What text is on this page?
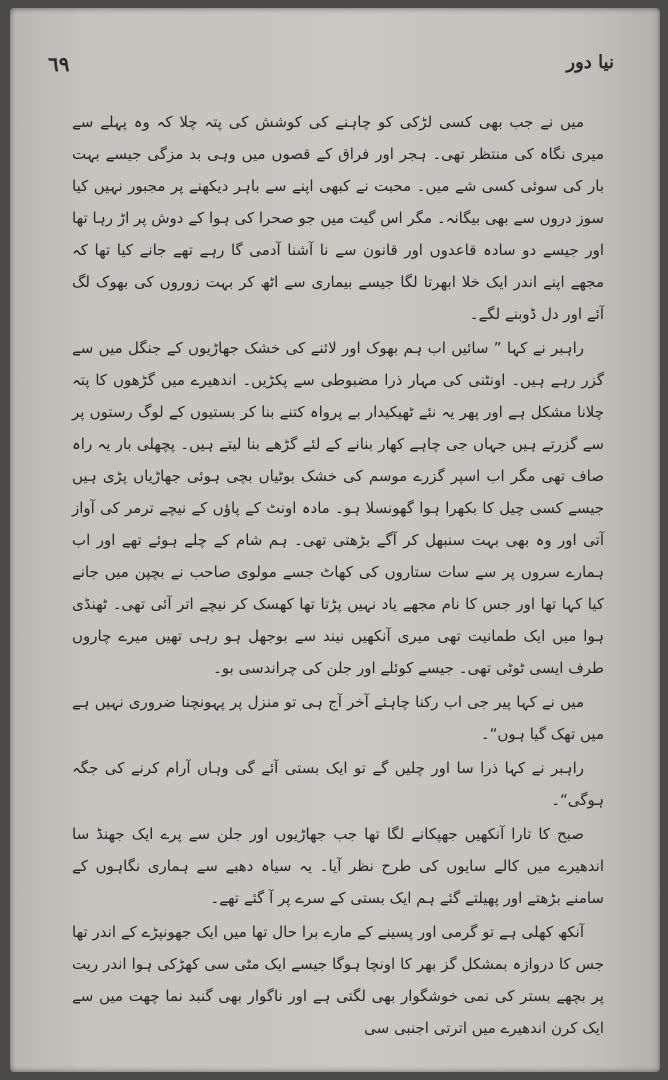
٦٩	نیا دور

میں نے جب بھی کسی لڑکی کو چاہنے کی کوشش کی پتہ چلا کہ وہ پہلے سے میری نگاہ کی منتظر تھی۔ ہجر اور فراق کے قصوں میں وہی بد مزگی جیسے بہت بار کی سوئی کسی شے میں۔ محبت نے کبھی اپنے سے باہر دیکھنے پر مجبور نہیں کیا سوز دروں سے بھی بیگانہ۔ مگر اس گیت میں جو صحرا کی ہوا کے دوش پر اڑ رہا تھا اور جیسے دو سادہ قاعدوں اور قانون سے نا آشنا آدمی گا رہے تھے جانے کیا تھا کہ مجھے اپنے اندر ایک خلا ابھرتا لگا جیسے بیماری سے اٹھ کر بہت زوروں کی بھوک لگ آئے اور دل ڈوبنے لگے۔

راہبر نے کہا ” سائیں اب ہم بھوک اور لائنے کی خشک جھاڑیوں کے جنگل میں سے گزر رہے ہیں۔ اونٹنی کی مہار ذرا مضبوطی سے پکڑیں۔ اندھیرے میں گڑھوں کا پتہ چلانا مشکل ہے اور پھر یہ نئے ٹھیکیدار بے پرواہ کتنے بنا کر بستیوں کے لوگ رستوں پر سے گزرتے ہیں جہاں جی چاہے کھار بنانے کے لئے گڑھے بنا لیتے ہیں۔ پچھلی بار یہ راہ صاف تھی مگر اب اسپر گزرے موسم کی خشک بوٹیاں بچی ہوئی جھاڑیاں پڑی ہیں جیسے کسی چیل کا بکھرا ہوا گھونسلا ہو۔ مادہ اونٹ کے پاؤں کے نیچے ترمر کی آواز آتی اور وہ بھی بہت سنبھل کر آگے بڑھتی تھی۔ ہم شام کے چلے ہوئے تھے اور اب ہمارے سروں پر سے سات ستاروں کی کھاٹ جسے مولوی صاحب نے بچپن میں جانے کیا کہا تھا اور جس کا نام مجھے یاد نہیں پڑتا تھا کھسک کر نیچے اتر آئی تھی۔ ٹھنڈی ہوا میں ایک طمانیت تھی میری آنکھیں نیند سے بوجھل ہو رہی تھیں میرے چاروں طرف ایسی ٹوٹی تھی۔ جیسے کوئلے اور جلن کی چراندسی بو۔

میں نے کہا پیر جی اب رکنا چاہئے آخر آج ہی تو منزل پر پہونچنا ضروری نہیں ہے میں تھک گیا ہوں“۔

راہبر نے کہا ذرا سا اور چلیں گے تو ایک بستی آئے گی وہاں آرام کرنے کی جگہ ہوگی“۔

صبح کا تارا آنکھیں جھپکانے لگا تھا جب جھاڑیوں اور جلن سے پرے ایک جھنڈ سا اندھیرے میں کالے سایوں کی طرح نظر آیا۔ یہ سیاہ دھبے سے ہماری نگاہوں کے سامنے بڑھتے اور پھیلتے گئے ہم ایک بستی کے سرے پر آ گئے تھے۔

آنکھ کھلی ہے تو گرمی اور پسینے کے مارے برا حال تھا میں ایک جھونپڑے کے اندر تھا جس کا دروازہ بمشکل گز بھر کا اونچا ہوگا جیسے ایک مٹی سی کھڑکی ہوا اندر ریت پر بچھے بستر کی نمی خوشگوار بھی لگتی ہے اور ناگوار بھی گنبد نما چھت میں سے ایک کرن اندھیرے میں اترتی اجنبی سی
